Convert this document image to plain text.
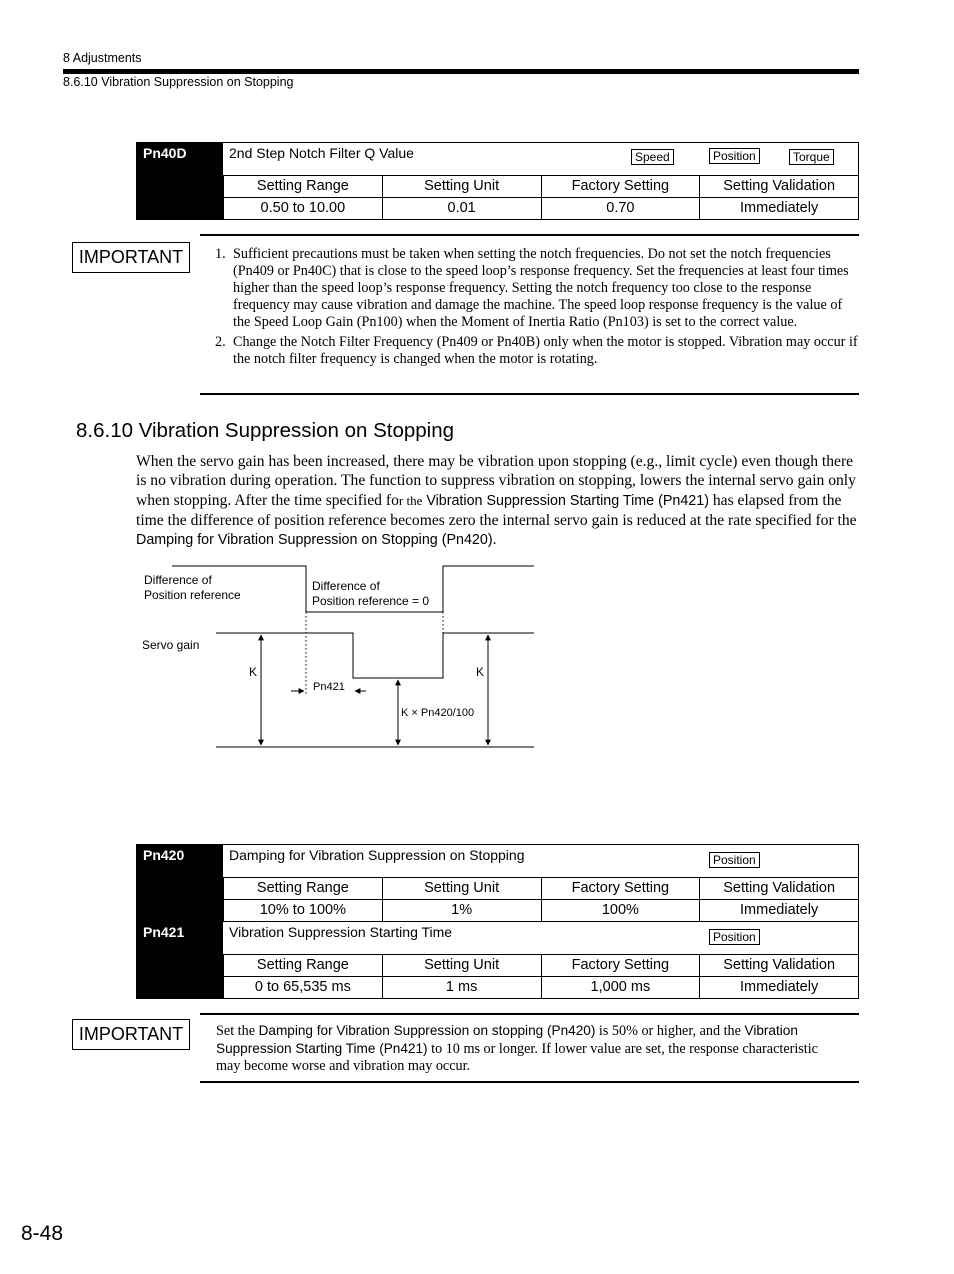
8 Adjustments
8.6.10 Vibration Suppression on Stopping
Pn40D	2nd Step Notch Filter Q Value	Speed	Position	Torque
Setting Range	Setting Unit	Factory Setting	Setting Validation
0.50 to 10.00	0.01	0.70	Immediately
IMPORTANT	1. Sufficient precautions must be taken when setting the notch frequencies. Do not set the notch frequencies (Pn409 or Pn40C) that is close to the speed loop’s response frequency. Set the frequencies at least four times higher than the speed loop’s response frequency. Setting the notch frequency too close to the response frequency may cause vibration and damage the machine. The speed loop response frequency is the value of the Speed Loop Gain (Pn100) when the Moment of Inertia Ratio (Pn103) is set to the correct value.
2. Change the Notch Filter Frequency (Pn409 or Pn40B) only when the motor is stopped. Vibration may occur if the notch filter frequency is changed when the motor is rotating.
8.6.10 Vibration Suppression on Stopping
When the servo gain has been increased, there may be vibration upon stopping (e.g., limit cycle) even though there is no vibration during operation. The function to suppress vibration on stopping, lowers the internal servo gain only when stopping. After the time specified for the Vibration Suppression Starting Time (Pn421) has elapsed from the time the difference of position reference becomes zero the internal servo gain is reduced at the rate specified for the Damping for Vibration Suppression on Stopping (Pn420).
Difference of
Position reference
Difference of
Position reference = 0
Servo gain
K	K
Pn421
K × Pn420/100
Pn420	Damping for Vibration Suppression on Stopping	Position
Setting Range	Setting Unit	Factory Setting	Setting Validation
10% to 100%	1%	100%	Immediately
Pn421	Vibration Suppression Starting Time	Position
Setting Range	Setting Unit	Factory Setting	Setting Validation
0 to 65,535 ms	1 ms	1,000 ms	Immediately
IMPORTANT	Set the Damping for Vibration Suppression on stopping (Pn420) is 50% or higher, and the Vibration Suppression Starting Time (Pn421) to 10 ms or longer. If lower value are set, the response characteristic may become worse and vibration may occur.
8-48
